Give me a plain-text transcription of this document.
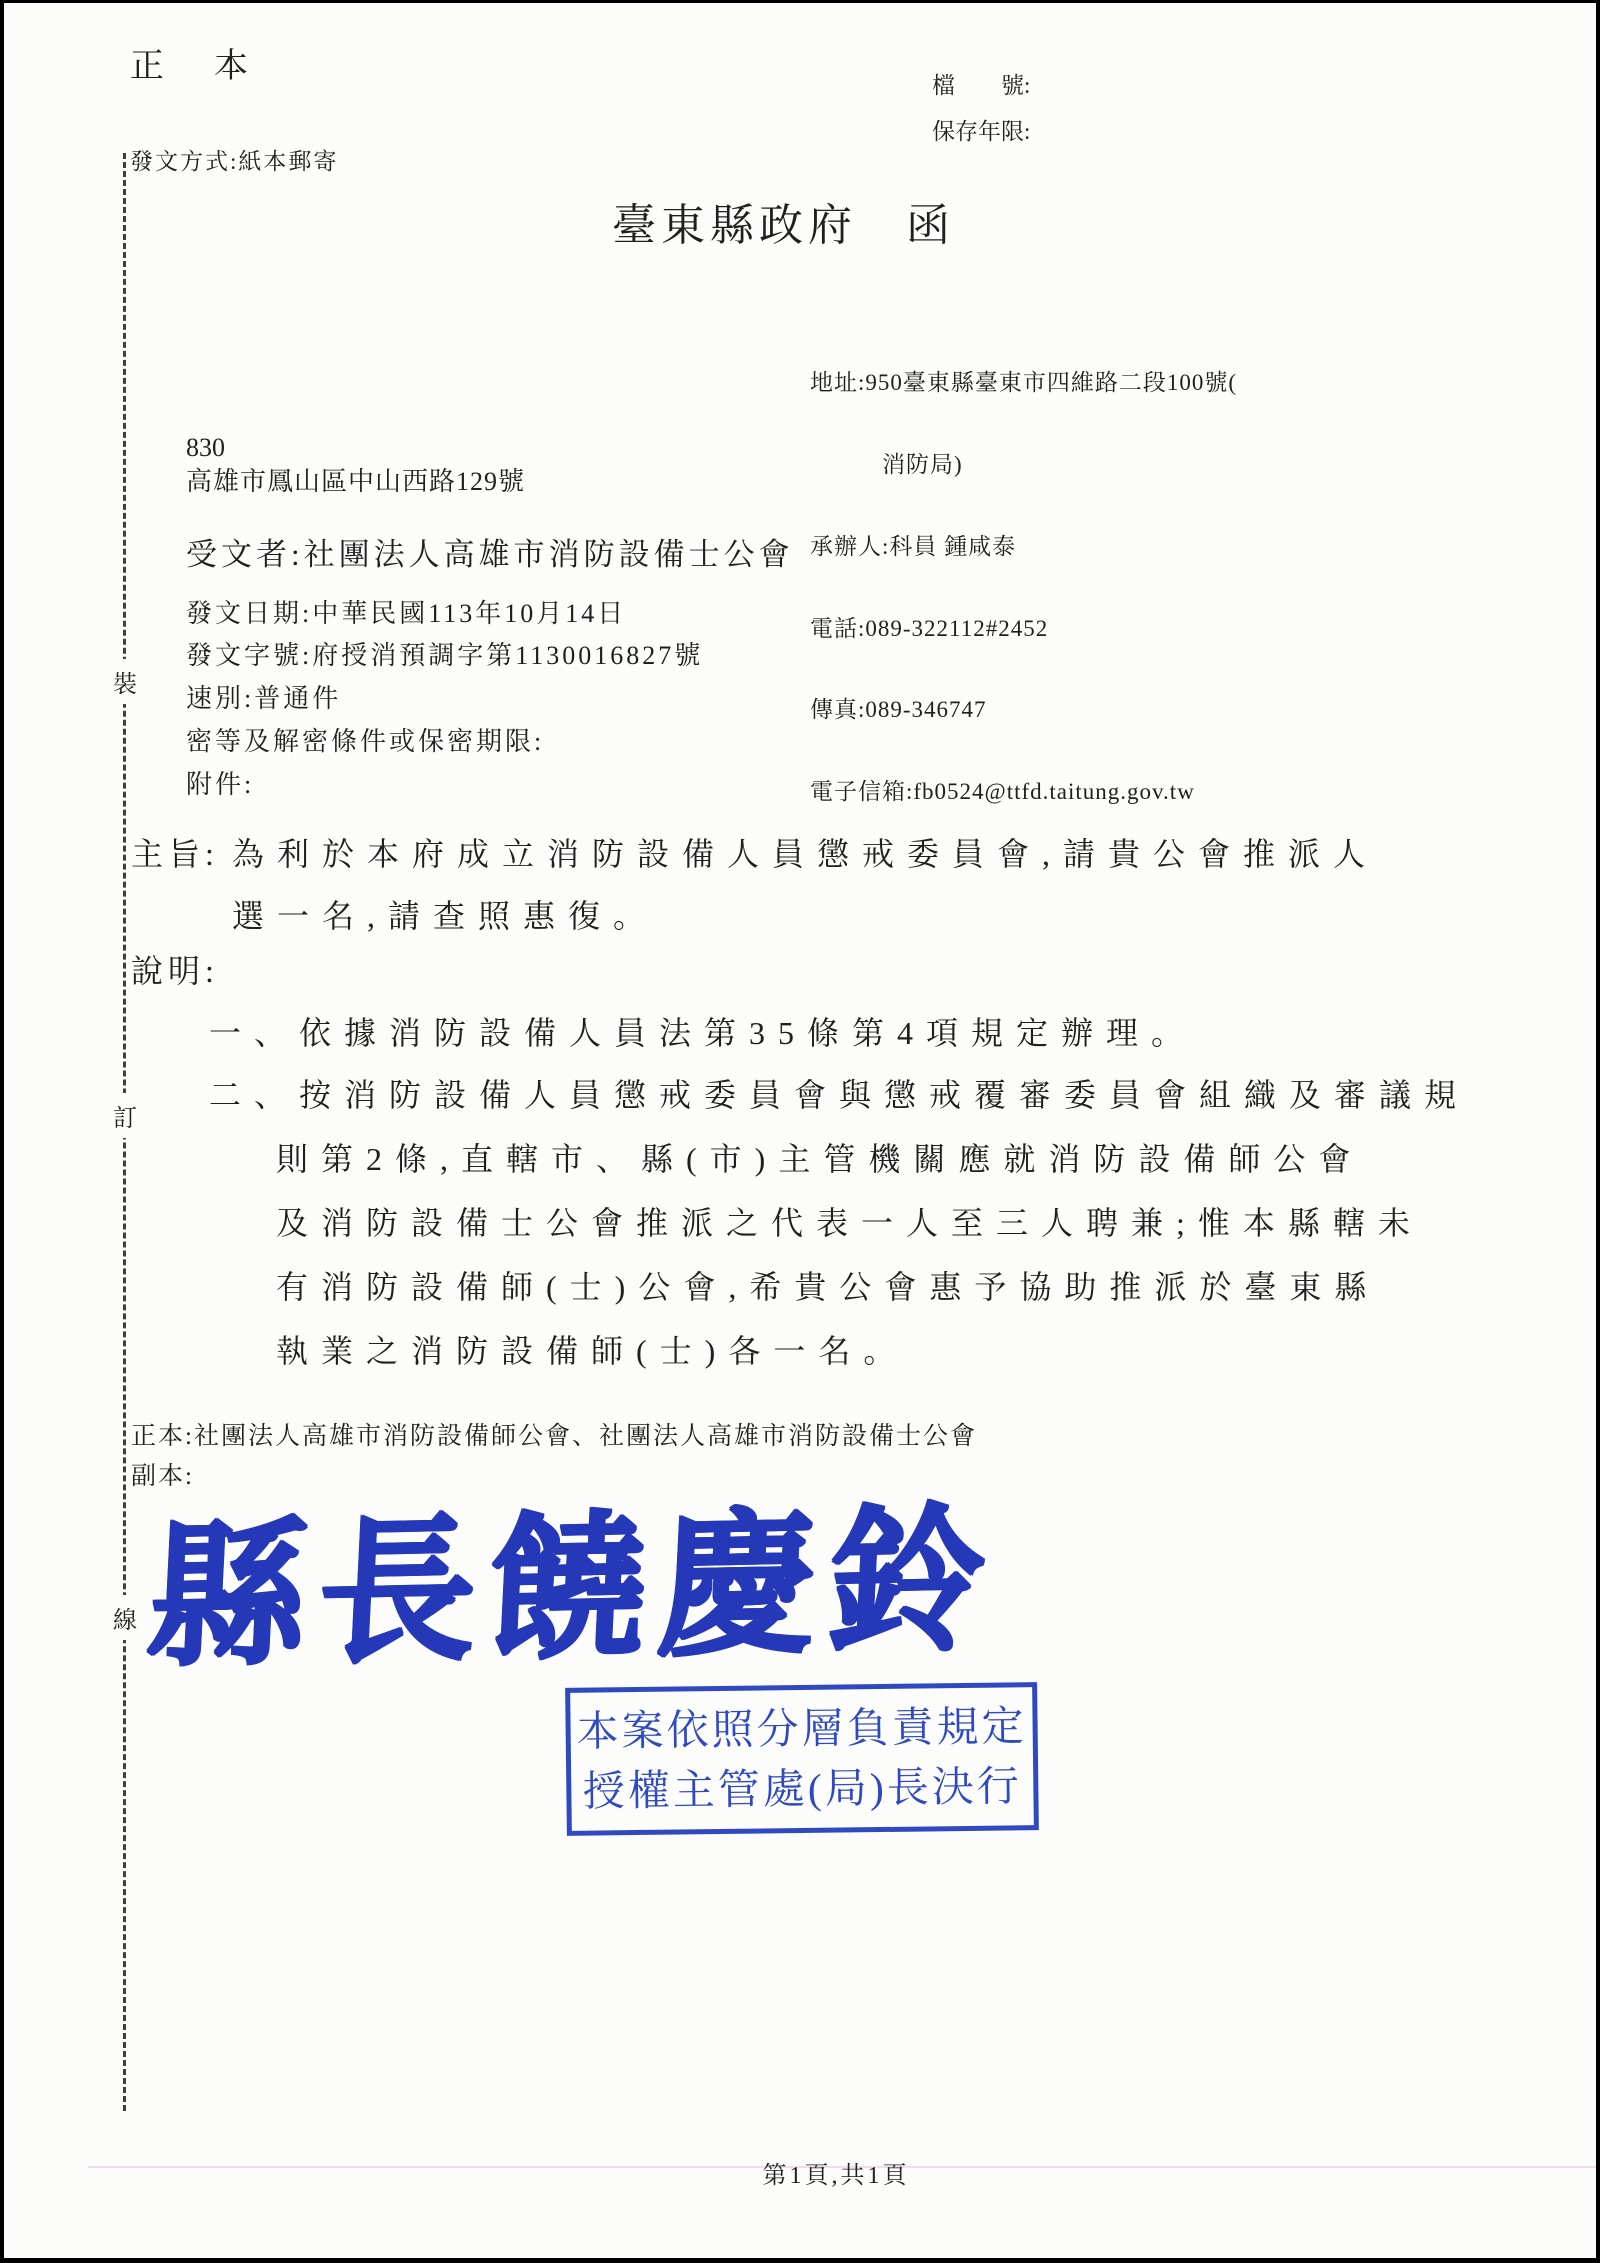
裝
訂
線
正　本
發文方式:紙本郵寄
檔　　號:
保存年限:
臺東縣政府　函

地址:950臺東縣臺東市四維路二段100號(

消防局)

承辦人:科員 鍾咸泰

電話:089-322112#2452

傳真:089-346747

電子信箱:fb0524@ttfd.taitung.gov.tw

830
高雄市鳳山區中山西路129號
受文者:社團法人高雄市消防設備士公會
發文日期:中華民國113年10月14日
發文字號:府授消預調字第1130016827號
速別:普通件
密等及解密條件或保密期限:
附件:
主旨: 為利於本府成立消防設備人員懲戒委員會,請貴公會推派人
選一名,請查照惠復。
說明:
一、依據消防設備人員法第35條第4項規定辦理。
二、按消防設備人員懲戒委員會與懲戒覆審委員會組織及審議規
則第2條,直轄市、縣(市)主管機關應就消防設備師公會
及消防設備士公會推派之代表一人至三人聘兼;惟本縣轄未
有消防設備師(士)公會,希貴公會惠予協助推派於臺東縣
執業之消防設備師(士)各一名。
正本:社團法人高雄市消防設備師公會、社團法人高雄市消防設備士公會
副本:
縣長饒慶鈴
本案依照分層負責規定
授權主管處(局)長決行
第1頁,共1頁
